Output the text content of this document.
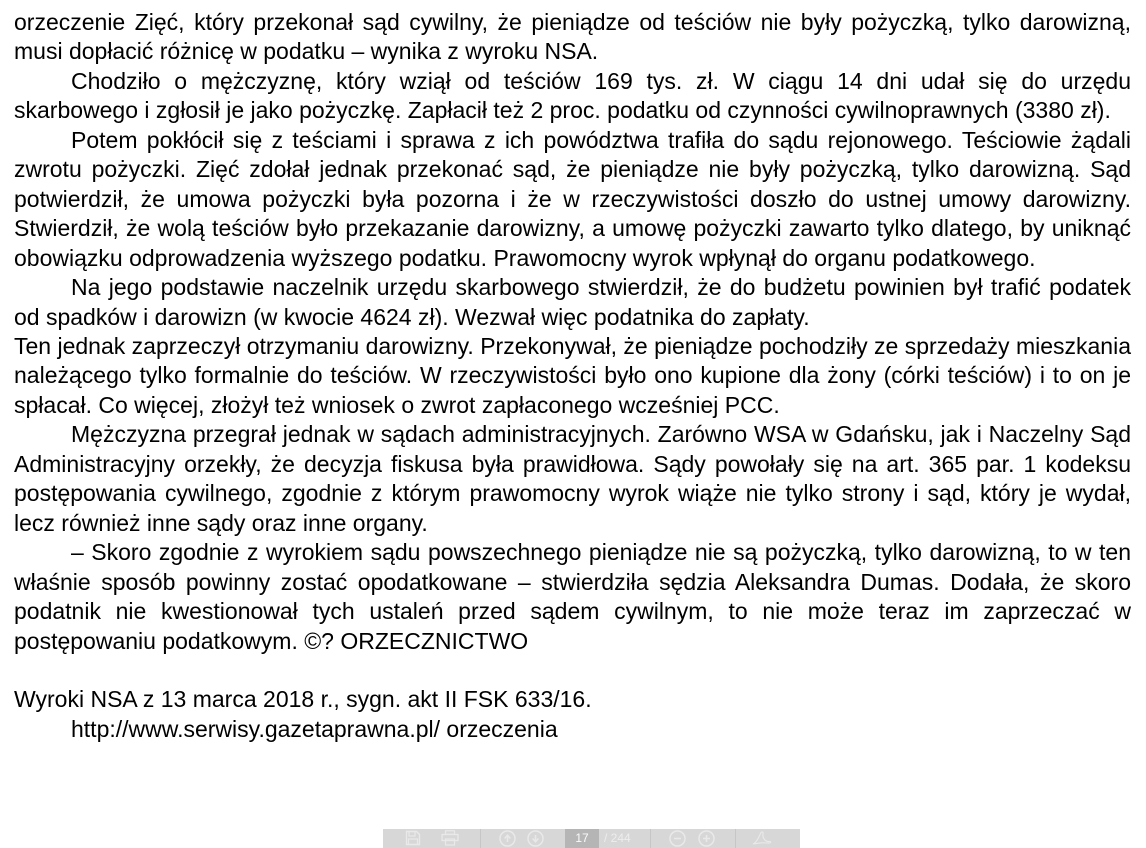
orzeczenie Zięć, który przekonał sąd cywilny, że pieniądze od teściów nie były pożyczką, tylko darowizną, musi dopłacić różnicę w podatku – wynika z wyroku NSA.

Chodziło o mężczyznę, który wziął od teściów 169 tys. zł. W ciągu 14 dni udał się do urzędu skarbowego i zgłosił je jako pożyczkę. Zapłacił też 2 proc. podatku od czynności cywilnoprawnych (3380 zł).

Potem pokłócił się z teściami i sprawa z ich powództwa trafiła do sądu rejonowego. Teściowie żądali zwrotu pożyczki. Zięć zdołał jednak przekonać sąd, że pieniądze nie były pożyczką, tylko darowizną. Sąd potwierdził, że umowa pożyczki była pozorna i że w rzeczywistości doszło do ustnej umowy darowizny. Stwierdził, że wolą teściów było przekazanie darowizny, a umowę pożyczki zawarto tylko dlatego, by uniknąć obowiązku odprowadzenia wyższego podatku. Prawomocny wyrok wpłynął do organu podatkowego.

Na jego podstawie naczelnik urzędu skarbowego stwierdził, że do budżetu powinien był trafić podatek od spadków i darowizn (w kwocie 4624 zł). Wezwał więc podatnika do zapłaty.

Ten jednak zaprzeczył otrzymaniu darowizny. Przekonywał, że pieniądze pochodziły ze sprzedaży mieszkania należącego tylko formalnie do teściów. W rzeczywistości było ono kupione dla żony (córki teściów) i to on je spłacał. Co więcej, złożył też wniosek o zwrot zapłaconego wcześniej PCC.

Mężczyzna przegrał jednak w sądach administracyjnych. Zarówno WSA w Gdańsku, jak i Naczelny Sąd Administracyjny orzekły, że decyzja fiskusa była prawidłowa. Sądy powołały się na art. 365 par. 1 kodeksu postępowania cywilnego, zgodnie z którym prawomocny wyrok wiąże nie tylko strony i sąd, który je wydał, lecz również inne sądy oraz inne organy.

– Skoro zgodnie z wyrokiem sądu powszechnego pieniądze nie są pożyczką, tylko darowizną, to w ten właśnie sposób powinny zostać opodatkowane – stwierdziła sędzia Aleksandra Dumas. Dodała, że skoro podatnik nie kwestionował tych ustaleń przed sądem cywilnym, to nie może teraz im zaprzeczać w postępowaniu podatkowym. ©? ORZECZNICTWO

Wyroki NSA z 13 marca 2018 r., sygn. akt II FSK 633/16.
http://www.serwisy.gazetaprawna.pl/ orzeczenia
17	/ 244
